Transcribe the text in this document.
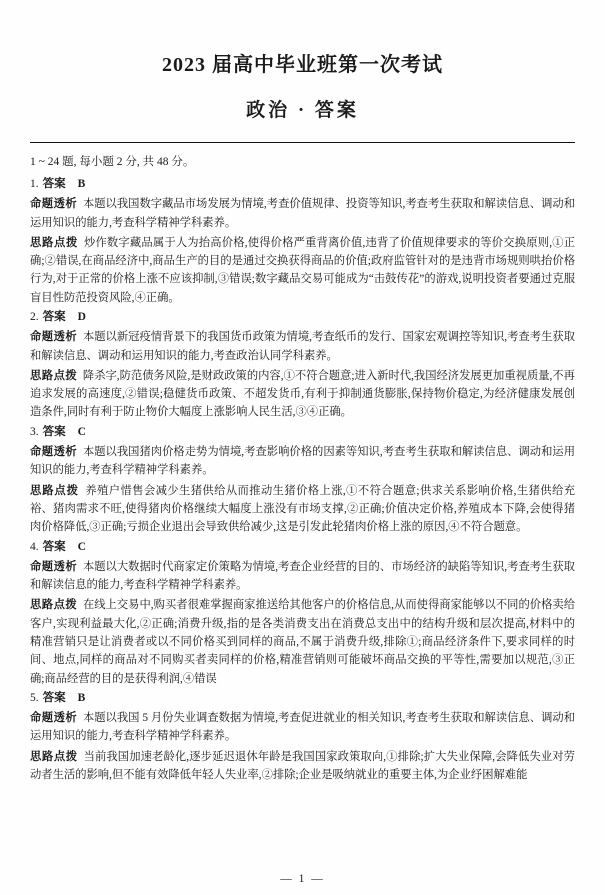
2023 届高中毕业班第一次考试
政治 · 答案

1 ~ 24 题, 每小题 2 分, 共 48 分。

1. 答案 B

命题透析 本题以我国数字藏品市场发展为情境,考查价值规律、投资等知识,考查考生获取和解读信息、调动和运用知识的能力,考查科学精神学科素养。

思路点拨 炒作数字藏品属于人为抬高价格,使得价格严重背离价值,违背了价值规律要求的等价交换原则,①正确;②错误,在商品经济中,商品生产的目的是通过交换获得商品的价值;政府监管针对的是违背市场规则哄抬价格行为,对于正常的价格上涨不应该抑制,③错误;数字藏品交易可能成为“击鼓传花”的游戏,说明投资者要通过克服盲目性防范投资风险,④正确。

2. 答案 D

命题透析 本题以新冠疫情背景下的我国货币政策为情境,考查纸币的发行、国家宏观调控等知识,考查考生获取和解读信息、调动和运用知识的能力,考查政治认同学科素养。

思路点拨 降杀字,防范债务风险,是财政政策的内容,①不符合题意;进入新时代,我国经济发展更加重视质量,不再追求发展的高速度,②错误;稳健货币政策、不超发货币,有利于抑制通货膨胀,保持物价稳定,为经济健康发展创造条件,同时有利于防止物价大幅度上涨影响人民生活,③④正确。

3. 答案 C

命题透析 本题以我国猪肉价格走势为情境,考查影响价格的因素等知识,考查考生获取和解读信息、调动和运用知识的能力,考查科学精神学科素养。

思路点拨 养殖户惜售会减少生猪供给从而推动生猪价格上涨,①不符合题意;供求关系影响价格,生猪供给充裕、猪肉需求不旺,使得猪肉价格继续大幅度上涨没有市场支撑,②正确;价值决定价格,养殖成本下降,会使得猪肉价格降低,③正确;亏损企业退出会导致供给减少,这是引发此轮猪肉价格上涨的原因,④不符合题意。

4. 答案 C

命题透析 本题以大数据时代商家定价策略为情境,考查企业经营的目的、市场经济的缺陷等知识,考查考生获取和解读信息的能力,考查科学精神学科素养。

思路点拨 在线上交易中,购买者很难掌握商家推送给其他客户的价格信息,从而使得商家能够以不同的价格卖给客户,实现利益最大化,②正确;消费升级,指的是各类消费支出在消费总支出中的结构升级和层次提高,材料中的精准营销只是让消费者或以不同价格买到同样的商品,不属于消费升级,排除①;商品经济条件下,要求同样的时间、地点,同样的商品对不同购买者卖同样的价格,精准营销则可能破坏商品交换的平等性,需要加以规范,③正确;商品经营的目的是获得利润,④错误

5. 答案 B

命题透析 本题以我国 5 月份失业调查数据为情境,考查促进就业的相关知识,考查考生获取和解读信息、调动和运用知识的能力,考查科学精神学科素养。

思路点拨 当前我国加速老龄化,逐步延迟退休年龄是我国国家政策取向,①排除;扩大失业保障,会降低失业对劳动者生活的影响,但不能有效降低年轻人失业率,②排除;企业是吸纳就业的重要主体,为企业纾困解难能

— 1 —
